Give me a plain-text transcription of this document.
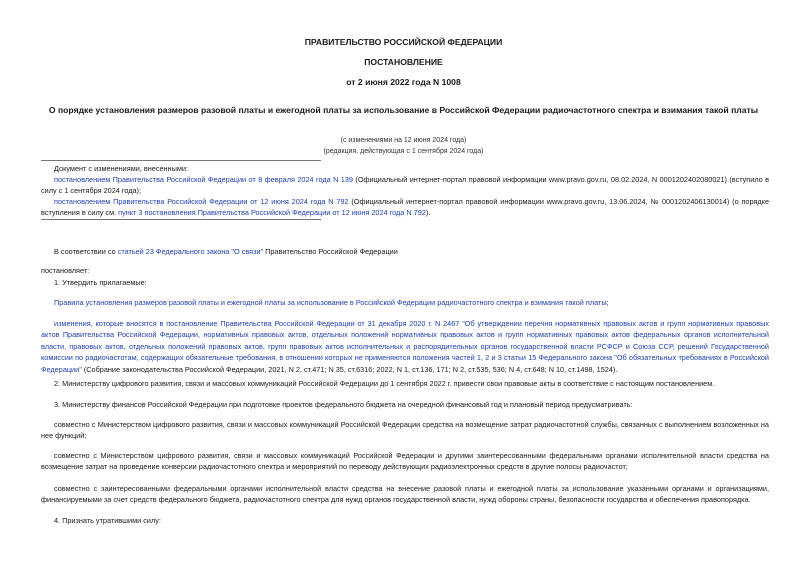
ПРАВИТЕЛЬСТВО РОССИЙСКОЙ ФЕДЕРАЦИИ
ПОСТАНОВЛЕНИЕ
от 2 июня 2022 года N 1008
О порядке установления размеров разовой платы и ежегодной платы за использование в Российской Федерации радиочастотного спектра и взимания такой платы
(с изменениями на 12 июня 2024 года)
(редакция, действующая с 1 сентября 2024 года)
Документ с изменениями, внесенными:
постановлением Правительства Российской Федерации от 8 февраля 2024 года N 139 (Официальный интернет-портал правовой информации www.pravo.gov.ru, 08.02.2024, N 0001202402080021) (вступило в силу с 1 сентября 2024 года);
постановлением Правительства Российской Федерации от 12 июня 2024 года N 792 (Официальный интернет-портал правовой информации www.pravo.gov.ru, 13.06.2024, № 0001202406130014) (о порядке вступления в силу см. пункт 3 постановления Правительства Российской Федерации от 12 июня 2024 года N 792).
В соответствии со статьей 23 Федерального закона "О связи" Правительство Российской Федерации
постановляет:
1. Утвердить прилагаемые:
Правила установления размеров разовой платы и ежегодной платы за использование в Российской Федерации радиочастотного спектра и взимания такой платы;
изменения, которые вносятся в постановление Правительства Российской Федерации от 31 декабря 2020 г. N 2467 "Об утверждении перечня нормативных правовых актов и групп нормативных правовых актов Правительства Российской Федерации, нормативных правовых актов, отдельных положений нормативных правовых актов и групп нормативных правовых актов федеральных органов исполнительной власти, правовых актов, отдельных положений правовых актов, групп правовых актов исполнительных и распорядительных органов государственной власти РСФСР и Союза ССР, решений Государственной комиссии по радиочастотам, содержащих обязательные требования, в отношении которых не применяются положения частей 1, 2 и 3 статьи 15 Федерального закона "Об обязательных требованиях в Российской Федерации" (Собрание законодательства Российской Федерации, 2021, N 2, ст.471; N 35, ст.6316; 2022, N 1, ст.136, 171; N 2, ст.535, 536; N 4, ст.648; N 10, ст.1498, 1524).
2. Министерству цифрового развития, связи и массовых коммуникаций Российской Федерации до 1 сентября 2022 г. привести свои правовые акты в соответствие с настоящим постановлением.
3. Министерству финансов Российской Федерации при подготовке проектов федерального бюджета на очередной финансовый год и плановый период предусматривать:
совместно с Министерством цифрового развития, связи и массовых коммуникаций Российской Федерации средства на возмещение затрат радиочастотной службы, связанных с выполнением возложенных на нее функций;
совместно с Министерством цифрового развития, связи и массовых коммуникаций Российской Федерации и другими заинтересованными федеральными органами исполнительной власти средства на возмещение затрат на проведение конверсии радиочастотного спектра и мероприятий по переводу действующих радиоэлектронных средств в другие полосы радиочастот;
совместно с заинтересованными федеральными органами исполнительной власти средства на внесение разовой платы и ежегодной платы за использование указанными органами и организациями, финансируемыми за счет средств федерального бюджета, радиочастотного спектра для нужд органов государственной власти, нужд обороны страны, безопасности государства и обеспечения правопорядка.
4. Признать утратившими силу:
